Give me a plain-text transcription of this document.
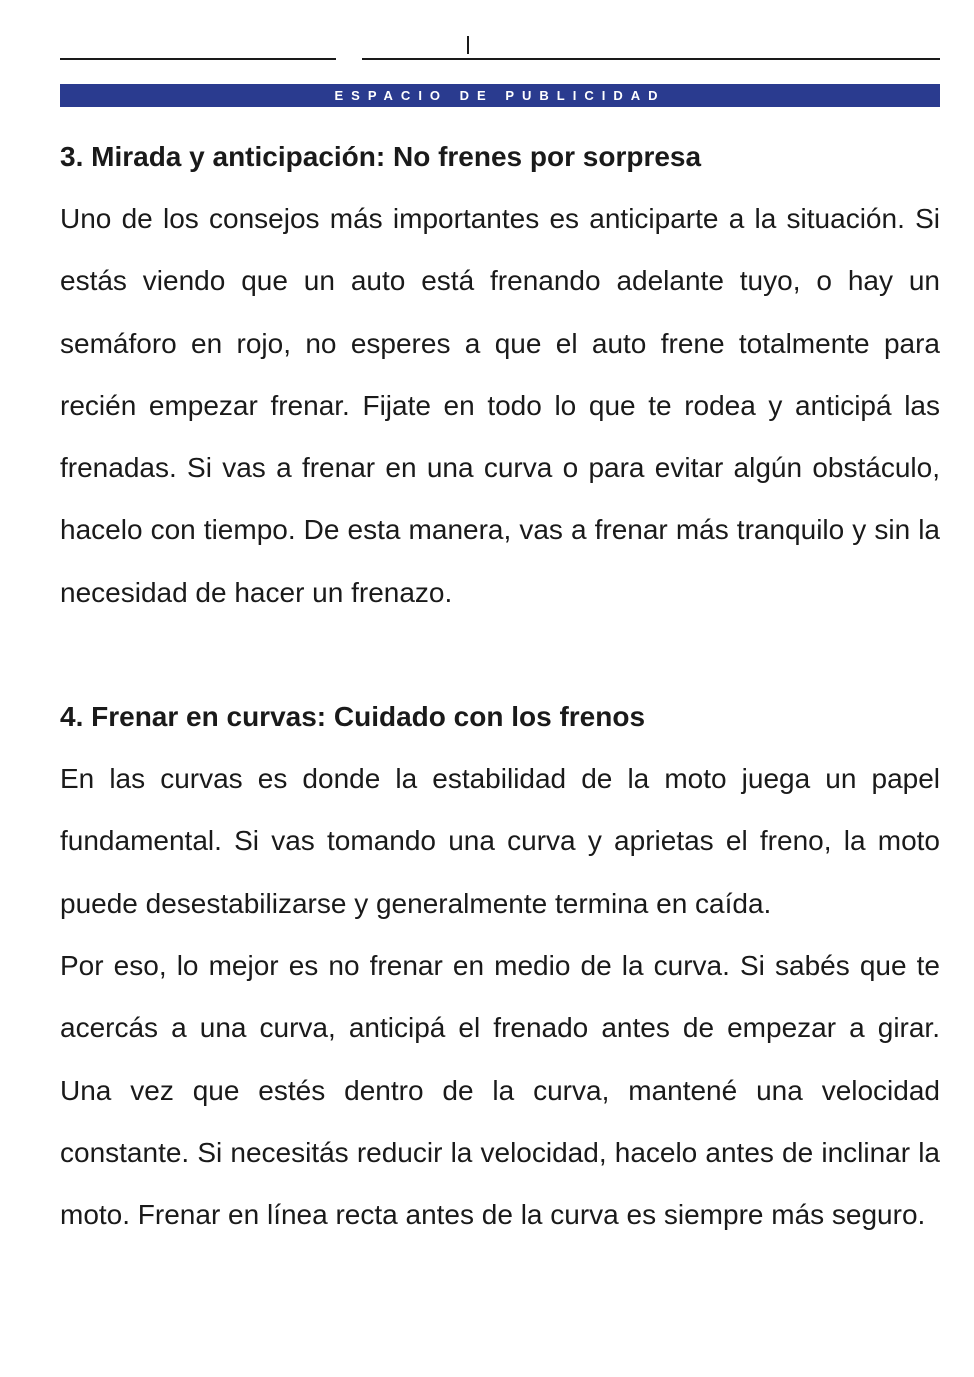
ESPACIO DE PUBLICIDAD
3. Mirada y anticipación: No frenes por sorpresa

Uno de los consejos más importantes es anticiparte a la situación. Si estás viendo que un auto está frenando adelante tuyo, o hay un semáforo en rojo, no esperes a que el auto frene totalmente para recién empezar frenar. Fijate en todo lo que te rodea y anticipá las frenadas. Si vas a frenar en una curva o para evitar algún obstáculo, hacelo con tiempo. De esta manera, vas a frenar más tranquilo y sin la necesidad de hacer un frenazo.

4. Frenar en curvas: Cuidado con los frenos

En las curvas es donde la estabilidad de la moto juega un papel fundamental. Si vas tomando una curva y aprietas el freno, la moto puede desestabilizarse y generalmente termina en caída.

Por eso, lo mejor es no frenar en medio de la curva. Si sabés que te acercás a una curva, anticipá el frenado antes de empezar a girar. Una vez que estés dentro de la curva, mantené una velocidad constante. Si necesitás reducir la velocidad, hacelo antes de inclinar la moto. Frenar en línea recta antes de la curva es siempre más seguro.
